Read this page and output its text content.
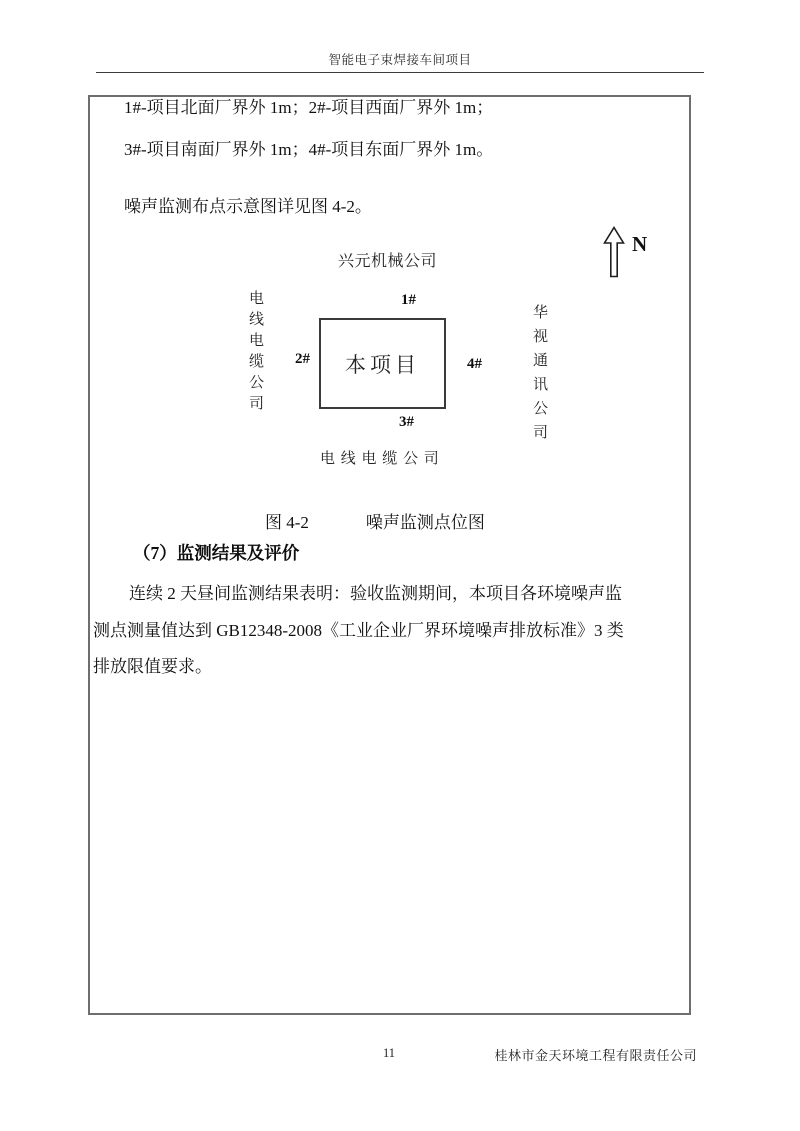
智能电子束焊接车间项目
1#-项目北面厂界外 1m；2#-项目西面厂界外 1m；
3#-项目南面厂界外 1m；4#-项目东面厂界外 1m。
噪声监测布点示意图详见图 4-2。
N
兴元机械公司
电线电缆公司	华视通讯公司
本项目
1#
2#	4#
3#
电 线 电 缆 公 司
图 4-2	噪声监测点位图
（7）监测结果及评价
连续 2 天昼间监测结果表明：验收监测期间，本项目各环境噪声监
测点测量值达到 GB12348-2008《工业企业厂界环境噪声排放标准》3 类
排放限值要求。
11	桂林市金天环境工程有限责任公司
